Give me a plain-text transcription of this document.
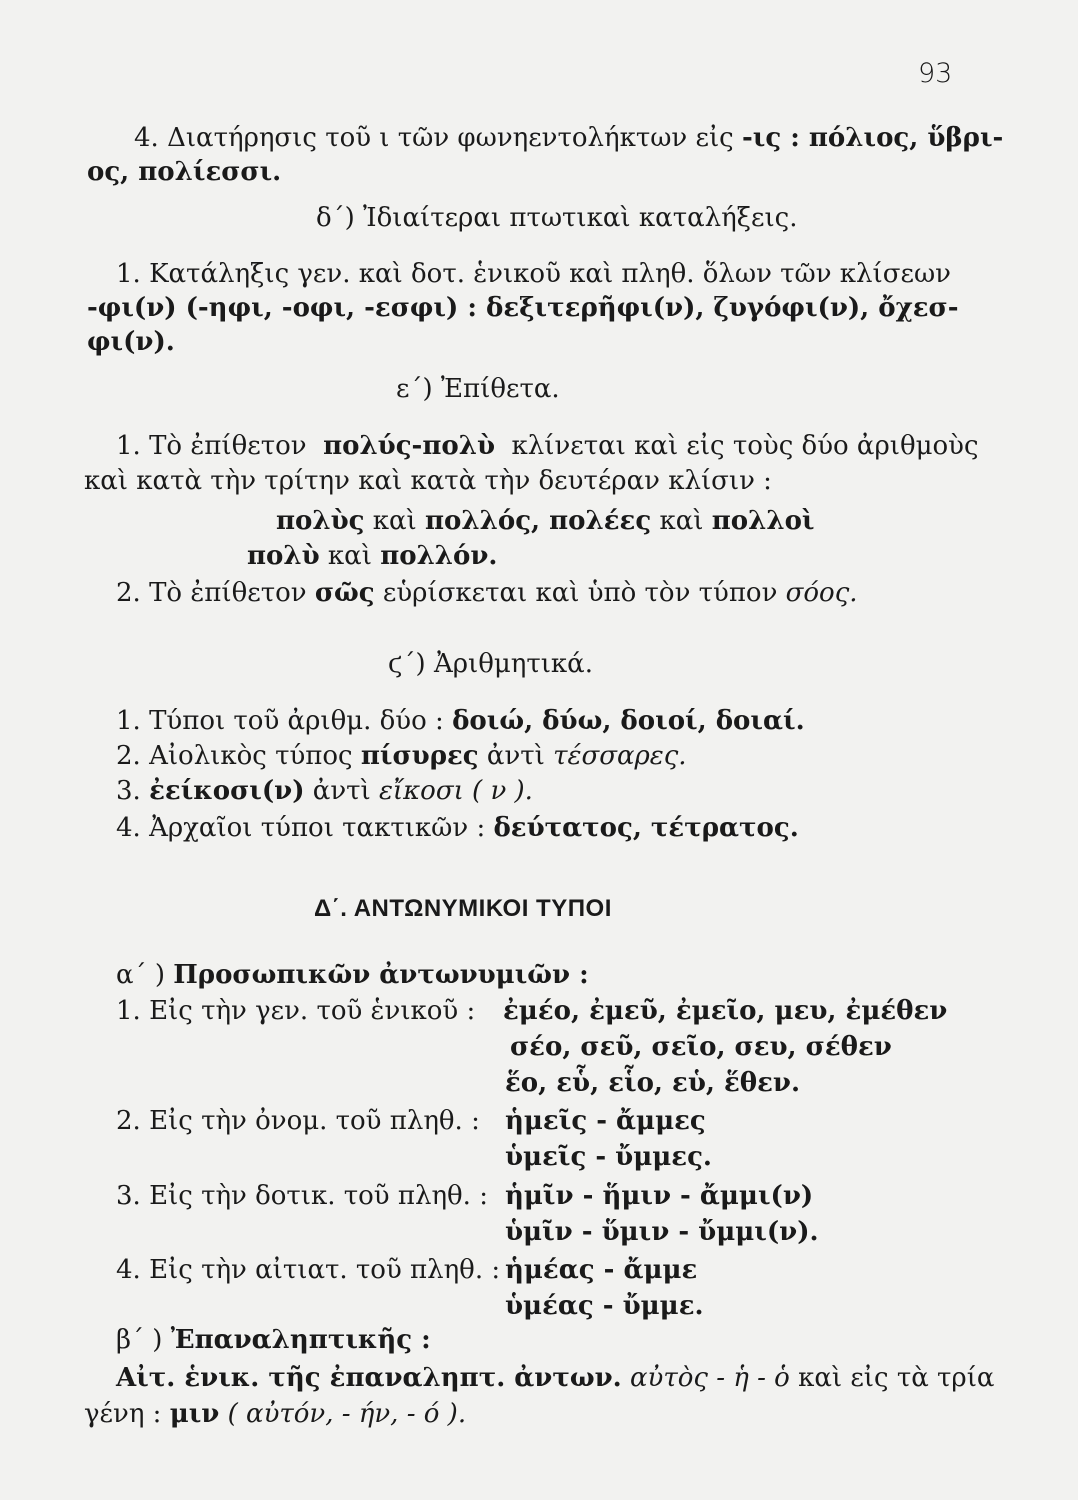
93
4. Διατήρησις τοῦ ι τῶν φωνηεντολήκτων εἰς -ις : πόλιος, ὕβρι-
ος, πολίεσσι.
δ΄) Ἰδιαίτεραι πτωτικαὶ καταλήξεις.
1. Κατάληξις γεν. καὶ δοτ. ἑνικοῦ καὶ πληθ. ὅλων τῶν κλίσεων
-φι(ν) (-ηφι, -οφι, -εσφι) : δεξιτερῆφι(ν), ζυγόφι(ν), ὄχεσ-
φι(ν).
ε΄) Ἐπίθετα.
1. Τὸ ἐπίθετον πολύς-πολὺ κλίνεται καὶ εἰς τοὺς δύο ἀριθμοὺς
καὶ κατὰ τὴν τρίτην καὶ κατὰ τὴν δευτέραν κλίσιν :
πολὺς καὶ πολλός, πολέες καὶ πολλοὶ
πολὺ καὶ πολλόν.
2. Τὸ ἐπίθετον σῶς εὑρίσκεται καὶ ὑπὸ τὸν τύπον σόος.
ϛ΄) Ἀριθμητικά.
1. Τύποι τοῦ ἀριθμ. δύο : δοιώ, δύω, δοιοί, δοιαί.
2. Αἰολικὸς τύπος πίσυρες ἀντὶ τέσσαρες.
3. ἐείκοσι(ν) ἀντὶ εἴκοσι ( ν ).
4. Ἀρχαῖοι τύποι τακτικῶν : δεύτατος, τέτρατος.
Δ΄. ΑΝΤΩΝΥΜΙΚΟΙ ΤΥΠΟΙ
α΄ ) Προσωπικῶν ἀντωνυμιῶν :
1. Εἰς τὴν γεν. τοῦ ἑνικοῦ : ἐμέο, ἐμεῦ, ἐμεῖο, μευ, ἐμέθεν
σέο, σεῦ, σεῖο, σευ, σέθεν
ἕο, εὗ, εἷο, εὑ, ἕθεν.
2. Εἰς τὴν ὀνομ. τοῦ πληθ. : ἡμεῖς - ἄμμες
ὑμεῖς - ὔμμες.
3. Εἰς τὴν δοτικ. τοῦ πληθ. : ἡμῖν - ἥμιν - ἄμμι(ν)
ὑμῖν - ὕμιν - ὔμμι(ν).
4. Εἰς τὴν αἰτιατ. τοῦ πληθ. : ἡμέας - ἄμμε
ὑμέας - ὔμμε.
β΄ ) Ἐπαναληπτικῆς :
Αἰτ. ἑνικ. τῆς ἐπαναληπτ. ἀντων. αὐτὸς - ἡ - ὁ καὶ εἰς τὰ τρία
γένη : μιν ( αὐτόν, - ήν, - ό ).
